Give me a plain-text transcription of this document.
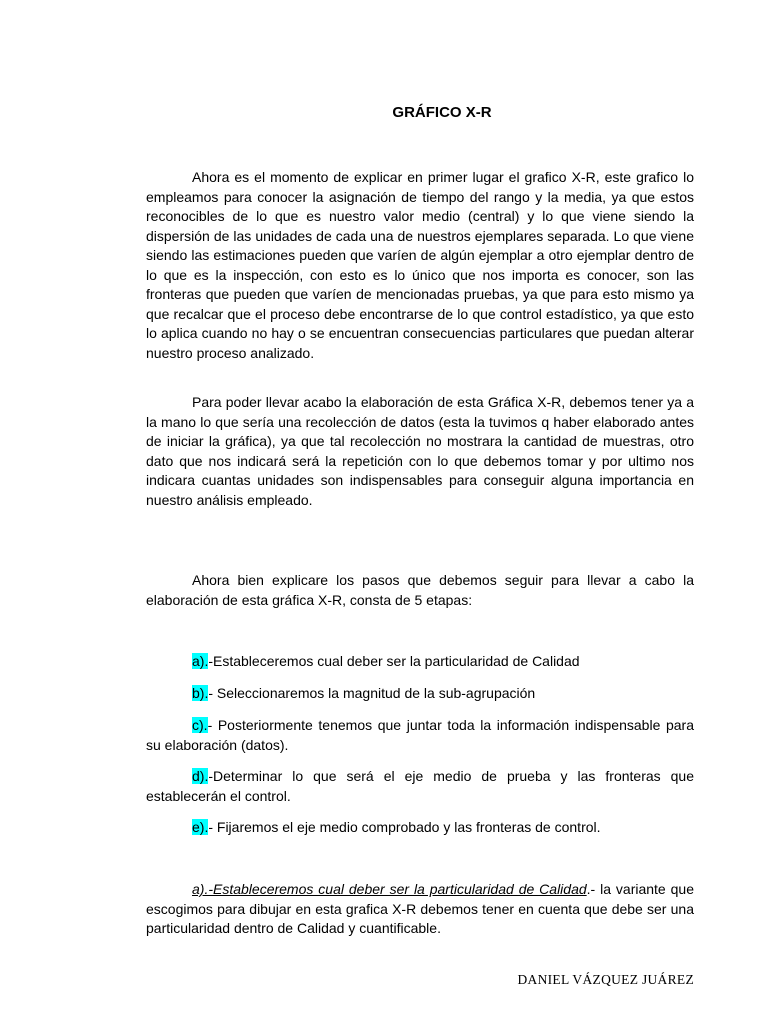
GRÁFICO X-R

Ahora es el momento de explicar en primer lugar el grafico X-R, este grafico lo empleamos para conocer la asignación de tiempo del rango y la media, ya que estos reconocibles de lo que es nuestro valor medio (central) y lo que viene siendo la dispersión de las unidades de cada una de nuestros ejemplares separada. Lo que viene siendo las estimaciones pueden que varíen de algún ejemplar a otro ejemplar dentro de lo que es la inspección, con esto es lo único que nos importa es conocer, son las fronteras que pueden que varíen de mencionadas pruebas, ya que para esto mismo ya que recalcar que el proceso debe encontrarse de lo que control estadístico, ya que esto lo aplica cuando no hay o se encuentran consecuencias particulares que puedan alterar nuestro proceso analizado.

Para poder llevar acabo la elaboración de esta Gráfica X-R, debemos tener ya a la mano lo que sería una recolección de datos (esta la tuvimos q haber elaborado antes de iniciar la gráfica), ya que tal recolección no mostrara la cantidad de muestras, otro dato que nos indicará será la repetición con lo que debemos tomar y por ultimo nos indicara cuantas unidades son indispensables para conseguir alguna importancia en nuestro análisis empleado.

Ahora bien explicare los pasos que debemos seguir para llevar a cabo la elaboración de esta gráfica X-R, consta de 5 etapas:

a).-Estableceremos cual deber ser la particularidad de Calidad

b).- Seleccionaremos la magnitud de la sub-agrupación

c).- Posteriormente tenemos que juntar toda la información indispensable para su elaboración (datos).

d).-Determinar lo que será el eje medio de prueba y las fronteras que establecerán el control.

e).- Fijaremos el eje medio comprobado y las fronteras de control.

a).-Estableceremos cual deber ser la particularidad de Calidad.- la variante que escogimos para dibujar en esta grafica X-R debemos tener en cuenta que debe ser una particularidad dentro de Calidad y cuantificable.

DANIEL VÁZQUEZ JUÁREZ
